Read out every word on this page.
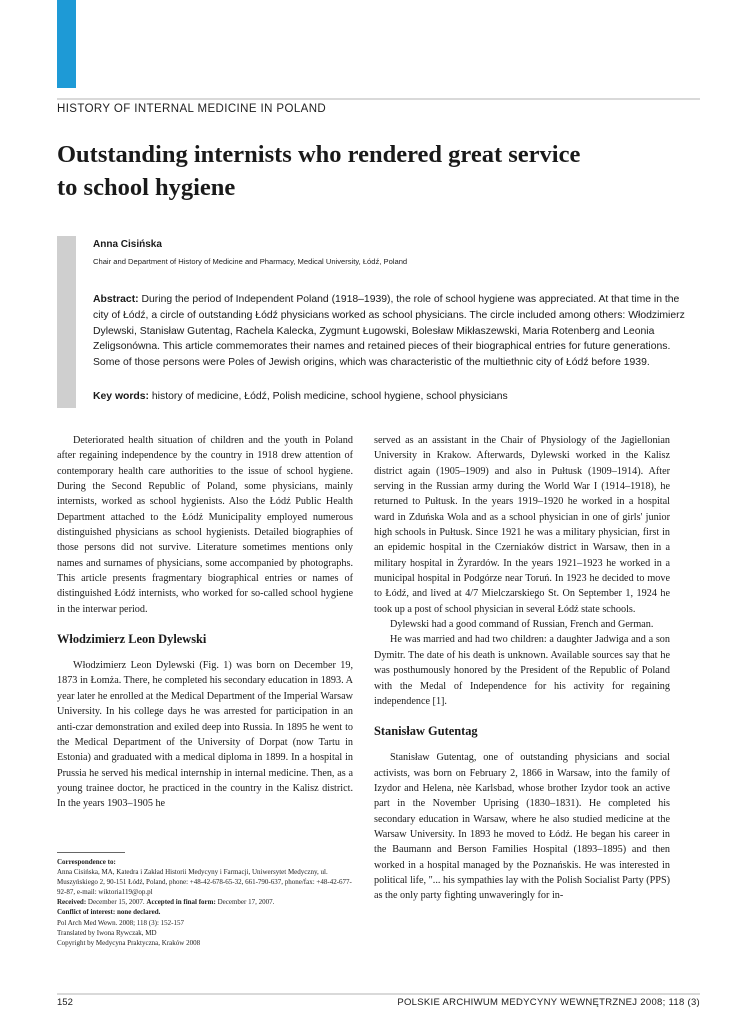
HISTORY OF INTERNAL MEDICINE IN POLAND
Outstanding internists who rendered great service
to school hygiene
Anna Cisińska
Chair and Department of History of Medicine and Pharmacy, Medical University, Łódź, Poland
Abstract: During the period of Independent Poland (1918–1939), the role of school hygiene was appreciated. At that time in the city of Łódź, a circle of outstanding Łódź physicians worked as school physicians. The circle included among others: Włodzimierz Dylewski, Stanisław Gutentag, Rachela Kalecka, Zygmunt Ługowski, Bolesław Mikłaszewski, Maria Rotenberg and Leonia Zeligsonówna. This article commemorates their names and retained pieces of their biographical entries for future generations. Some of those persons were Poles of Jewish origins, which was characteristic of the multiethnic city of Łódź before 1939.
Key words: history of medicine, Łódź, Polish medicine, school hygiene, school physicians

Deteriorated health situation of children and the youth in Poland after regaining independence by the country in 1918 drew attention of contemporary health care authorities to the issue of school hygiene. During the Second Republic of Poland, some physicians, mainly internists, worked as school hygienists. Also the Łódź Public Health Department attached to the Łódź Municipality employed numerous distinguished physicians as school hygienists. Detailed biographies of those persons did not survive. Literature sometimes mentions only names and surnames of physicians, some accompanied by photographs. This article presents fragmentary biographical entries or names of distinguished Łódź internists, who worked for so-called school hygiene in the interwar period.

Włodzimierz Leon Dylewski

Włodzimierz Leon Dylewski (Fig. 1) was born on December 19, 1873 in Łomża. There, he completed his secondary education in 1893. A year later he enrolled at the Medical Department of the Imperial Warsaw University. In his college days he was arrested for participation in an anti-czar demonstration and exiled deep into Russia. In 1895 he went to the Medical Department of the University of Dorpat (now Tartu in Estonia) and graduated with a medical diploma in 1899. In a hospital in Prussia he served his medical internship in internal medicine. Then, as a young trainee doctor, he practiced in the country in the Kalisz district. In the years 1903–1905 he

served as an assistant in the Chair of Physiology of the Jagiellonian University in Krakow. Afterwards, Dylewski worked in the Kalisz district again (1905–1909) and also in Pułtusk (1909–1914). After serving in the Russian army during the World War I (1914–1918), he returned to Pułtusk. In the years 1919–1920 he worked in a hospital ward in Zduńska Wola and as a school physician in one of girls' junior high schools in Pułtusk. Since 1921 he was a military physician, first in an epidemic hospital in the Czerniaków district in Warsaw, then in a military hospital in Żyrardów. In the years 1921–1923 he worked in a municipal hospital in Podgórze near Toruń. In 1923 he decided to move to Łódź, and lived at 4/7 Mielczarskiego St. On September 1, 1924 he took up a post of school physician in several Łódź state schools.

Dylewski had a good command of Russian, French and German.

He was married and had two children: a daughter Jadwiga and a son Dymitr. The date of his death is unknown. Available sources say that he was posthumously honored by the President of the Republic of Poland with the Medal of Independence for his activity for regaining independence [1].

Stanisław Gutentag

Stanisław Gutentag, one of outstanding physicians and social activists, was born on February 2, 1866 in Warsaw, into the family of Izydor and Helena, nèe Karlsbad, whose brother Izydor took an active part in the November Uprising (1830–1831). He completed his secondary education in Warsaw, where he also studied medicine at the Warsaw University. In 1893 he moved to Łódź. He began his career in the Baumann and Berson Families Hospital (1893–1895) and then worked in a hospital managed by the Poznańskis. He was interested in political life, "... his sympathies lay with the Polish Socialist Party (PPS) as the only party fighting unwaveringly for in-

Correspondence to:
Anna Cisińska, MA, Katedra i Zakład Historii Medycyny i Farmacji, Uniwersytet Medyczny, ul. Muszyńskiego 2, 90-151 Łódź, Poland, phone: +48-42-678-65-32, 661-790-637, phone/fax: +48-42-677-92-87, e-mail: wiktoria119@op.pl
Received: December 15, 2007. Accepted in final form: December 17, 2007.
Conflict of interest: none declared.
Pol Arch Med Wewn. 2008; 118 (3): 152-157
Translated by Iwona Rywczak, MD
Copyright by Medycyna Praktyczna, Kraków 2008
152	POLSKIE ARCHIWUM MEDYCYNY WEWNĘTRZNEJ 2008; 118 (3)
